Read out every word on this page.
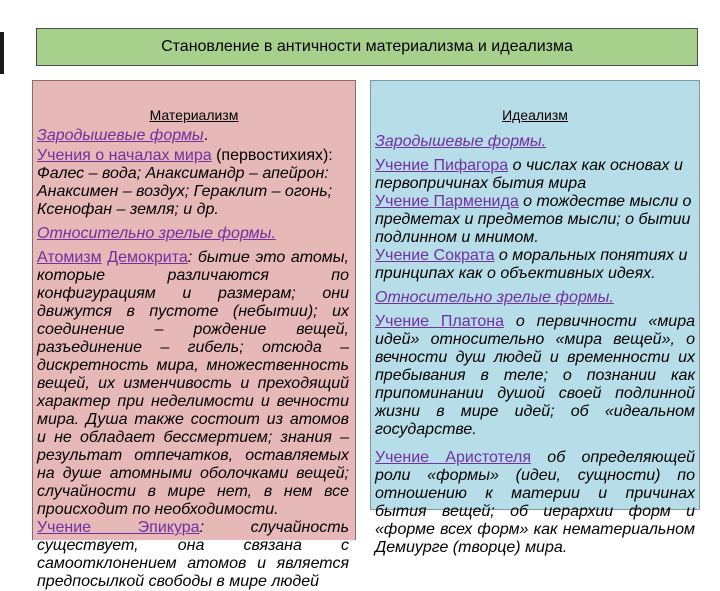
Становление в античности материализма и идеализма
Материализм

Зародышевые формы.

Учения о началах мира (первостихиях):
Фалес – вода; Анаксимандр – апейрон: Анаксимен – воздух; Гераклит – огонь; Ксенофан – земля; и др.

Относительно зрелые формы.

Атомизм Демокрита: бытие это атомы, которые различаются по конфигурациям и размерам; они движутся в пустоте (небытии); их соединение – рождение вещей, разъединение – гибель; отсюда – дискретность мира, множественность вещей, их изменчивость и преходящий характер при неделимости и вечности мира. Душа также состоит из атомов и не обладает бессмертием; знания – результат отпечатков, оставляемых на душе атомными оболочками вещей; случайности в мире нет, в нем все происходит по необходимости.

Учение Эпикура: случайность существует, она связана с самоотклонением атомов и является предпосылкой свободы в мире людей

Идеализм

Зародышевые формы.

Учение Пифагора о числах как основах и первопричинах бытия мира

Учение Парменида о тождестве мысли о предметах и предметов мысли; о бытии подлинном и мнимом.

Учение Сократа о моральных понятиях и принципах как о объективных идеях.

Относительно зрелые формы.

Учение Платона о первичности «мира идей» относительно «мира вещей», о вечности душ людей и временности их пребывания в теле; о познании как припоминании душой своей подлинной жизни в мире идей; об «идеальном государстве.

Учение Аристотеля об определяющей роли «формы» (идеи, сущности) по отношению к материи и причинах бытия вещей; об иерархии форм и «форме всех форм» как нематериальном Демиурге (творце) мира.
